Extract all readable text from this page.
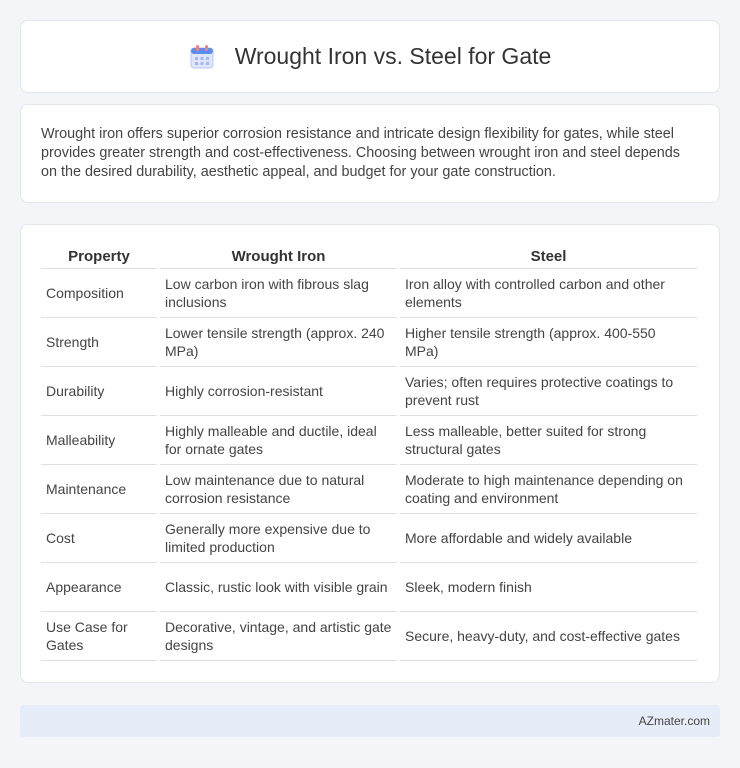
Wrought Iron vs. Steel for Gate

Wrought iron offers superior corrosion resistance and intricate design flexibility for gates, while steel provides greater strength and cost-effectiveness. Choosing between wrought iron and steel depends on the desired durability, aesthetic appeal, and budget for your gate construction.

Property	Wrought Iron	Steel
Composition	Low carbon iron with fibrous slag inclusions	Iron alloy with controlled carbon and other elements
Strength	Lower tensile strength (approx. 240 MPa)	Higher tensile strength (approx. 400-550 MPa)
Durability	Highly corrosion-resistant	Varies; often requires protective coatings to prevent rust
Malleability	Highly malleable and ductile, ideal for ornate gates	Less malleable, better suited for strong structural gates
Maintenance	Low maintenance due to natural corrosion resistance	Moderate to high maintenance depending on coating and environment
Cost	Generally more expensive due to limited production	More affordable and widely available
Appearance	Classic, rustic look with visible grain	Sleek, modern finish
Use Case for Gates	Decorative, vintage, and artistic gate designs	Secure, heavy-duty, and cost-effective gates
AZmater.com
